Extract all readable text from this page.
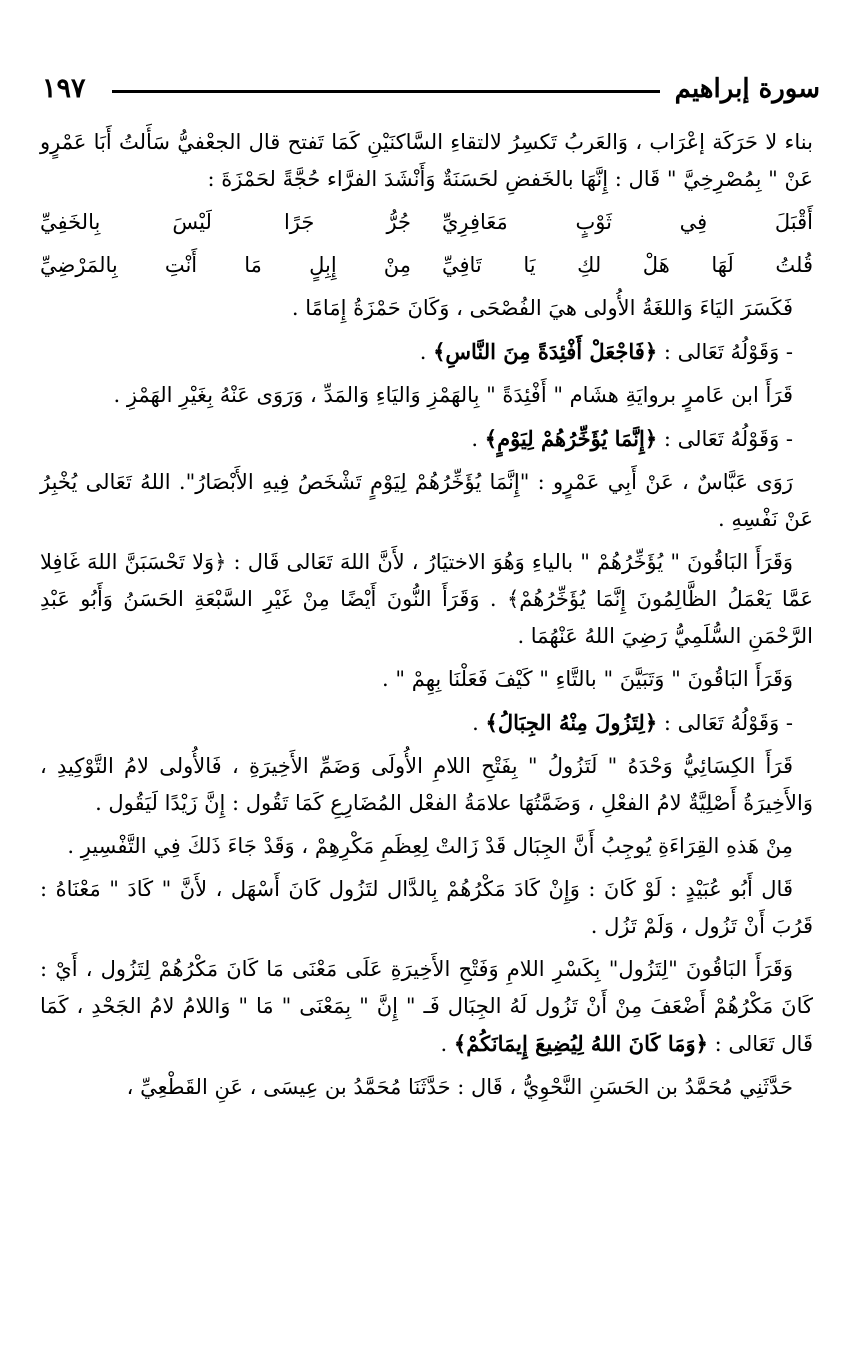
١٩٧	سورة إبراهيم

بناء لا حَرَكَة إعْرَاب ، وَالعَربُ تَكسِرُ لالتقاءِ السَّاكنَيْنِ كَمَا تَفتح قال الجعْفيُّ سَأَلتُ أَبَا عَمْرٍو عَنْ " بِمُصْرِخِيَّ " قَال : إِنَّهَا بالخَفضِ لحَسَنَةٌ وَأَنْشَدَ الفرَّاء حُجَّةً لحَمْزَةَ :

أَقْبَلَ فِي ثَوْبٍ مَعَافِرِيِّ
جُرُّ جَرًا لَيْسَ بِالخَفِيِّ
قُلتُ لَهَا هَلْ لكِ يَا تَافِيِّ
مِنْ إِبِلٍ مَا أَنْتِ بِالمَرْضِيِّ

فَكَسَرَ اليَاءَ وَاللغَةُ الأُولى هيَ الفُصْحَى ، وَكَانَ حَمْزَةُ إِمَامًا .

- وَقَوْلُهُ تَعَالى : ﴿فَاجْعَلْ أَفْئِدَةً مِنَ النَّاسِ﴾ .

قَرَأَ ابن عَامرٍ بروايَةِ هشَام " أَفْئِدَةً " بِالهَمْزِ وَاليَاءِ وَالمَدِّ ، وَرَوَى عَنْهُ بِغَيْرِ الهَمْزِ .

- وَقَوْلُهُ تَعَالى : ﴿إِنَّمَا يُؤَخِّرُهُمْ لِيَوْمٍ﴾ .

رَوَى عَبَّاسٌ ، عَنْ أَبِي عَمْرٍو : "إِنَّمَا يُؤَخِّرُهُمْ لِيَوْمٍ تَشْخَصُ فِيهِ الأَبْصَارُ". اللهُ تَعَالى يُخْبِرُ عَنْ نَفْسِهِ .

وَقَرَأَ البَاقُونَ " يُؤَخِّرُهُمْ " بالياءِ وَهُوَ الاختيَارُ ، لأَنَّ اللهَ تَعَالى قَال : ﴿وَلا تَحْسَبَنَّ اللهَ غَافِلا عَمَّا يَعْمَلُ الظَّالِمُونَ إِنَّمَا يُؤَخِّرُهُمْ﴾ . وَقَرَأَ النُّونَ أَيْضًا مِنْ غَيْرِ السَّبْعَةِ الحَسَنُ وَأَبُو عَبْدِ الرَّحْمَنِ السُّلَمِيُّ رَضِيَ اللهُ عَنْهُمَا .

وَقَرَأَ البَاقُونَ " وَتَبَيَّنَ " بالتَّاءِ " كَيْفَ فَعَلْنَا بِهِمْ " .

- وَقَوْلُهُ تَعَالى : ﴿لِتَزُولَ مِنْهُ الجِبَالُ﴾ .

قَرَأَ الكِسَائِيُّ وَحْدَهُ " لَتَزُولُ " بِفَتْحِ اللامِ الأُولَى وَضَمِّ الأَخِيرَةِ ، فَالأُولى لامُ التَّوْكِيدِ ، وَالأَخِيرَةُ أَصْلِيَّةٌ لامُ الفعْلِ ، وَضَمَّتُهَا علامَةُ الفعْل المُضَارِعِ كَمَا تَقُول : إِنَّ زَيْدًا لَيَقُول .

مِنْ هَذهِ القِرَاءَةِ يُوجِبُ أَنَّ الجِبَال قَدْ زَالتْ لِعِظَمِ مَكْرِهِمْ ، وَقَدْ جَاءَ ذَلكَ فِي التَّفْسِيرِ .

قَال أَبُو عُبَيْدٍ : لَوْ كَانَ : وَإِنْ كَادَ مَكْرُهُمْ بِالدَّال لتَزُول كَانَ أَسْهَل ، لأَنَّ " كَادَ " مَعْنَاهُ : قَرُبَ أَنْ تَزُول ، وَلَمْ تَزُل .

وَقَرَأَ البَاقُونَ "لِتَزُول" بِكَسْرِ اللامِ وَفَتْحِ الأَخِيرَةِ عَلَى مَعْنَى مَا كَانَ مَكْرُهُمْ لِتَزُول ، أَيْ : كَانَ مَكْرُهُمْ أَضْعَفَ مِنْ أَنْ تَزُول لَهُ الجِبَال فَـ " إِنَّ " بِمَعْنَى " مَا " وَاللامُ لامُ الجَحْدِ ، كَمَا قَال تَعَالى : ﴿وَمَا كَانَ اللهُ لِيُضِيعَ إِيمَانَكُمْ﴾ .

حَدَّثَنِي مُحَمَّدُ بن الحَسَنِ النَّحْوِيُّ ، قَال : حَدَّثَنَا مُحَمَّدُ بن عِيسَى ، عَنِ القَطْعِيِّ ،
